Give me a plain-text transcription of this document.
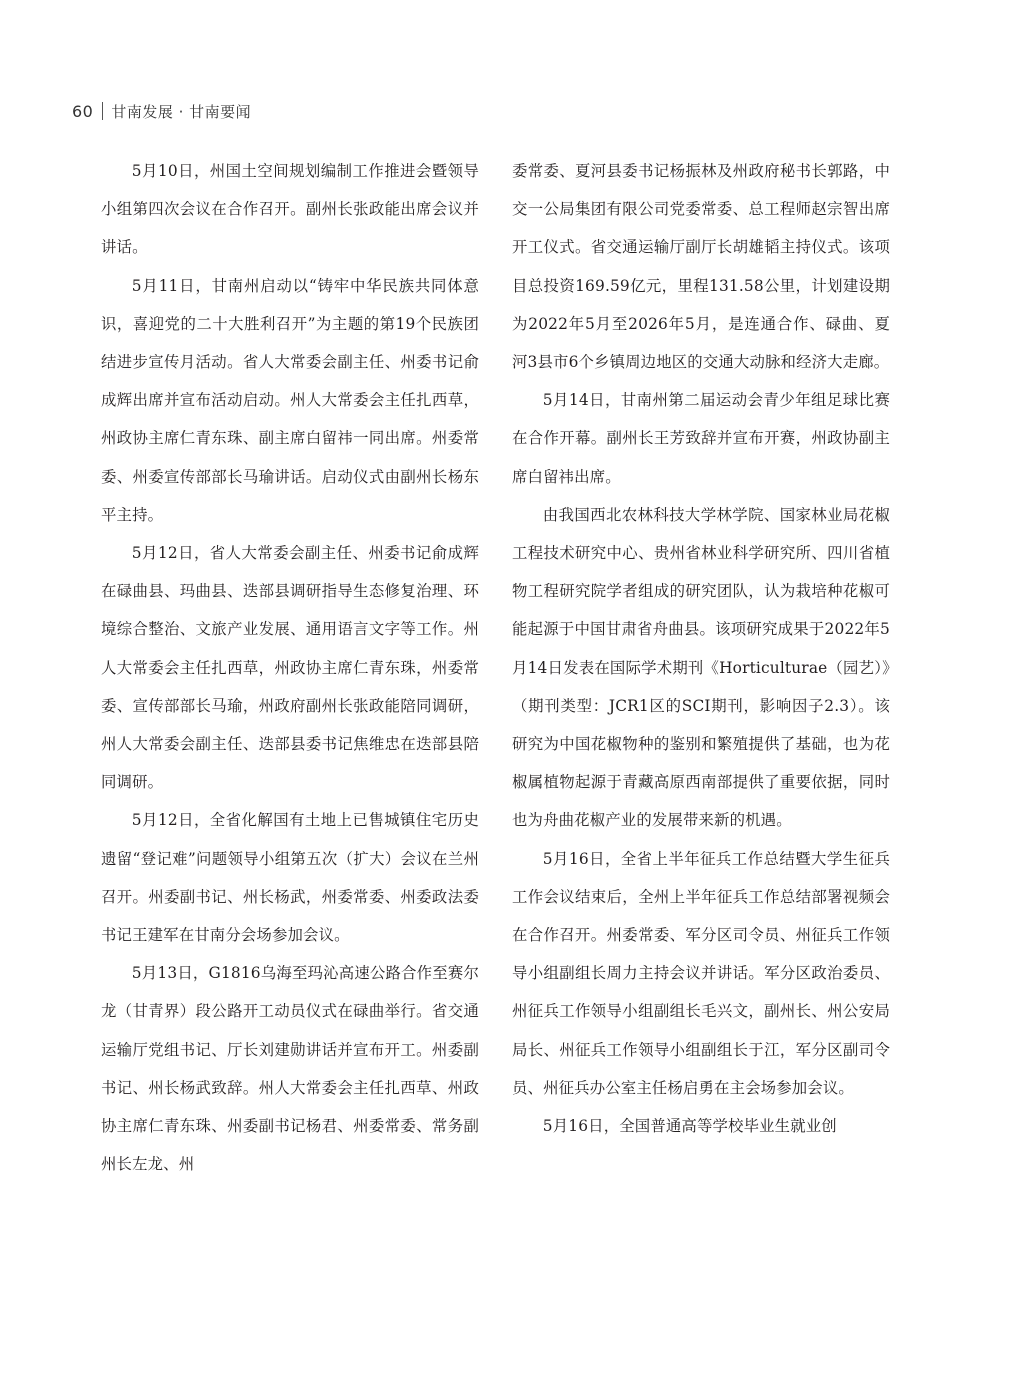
60 甘南发展 · 甘南要闻

5月10日，州国土空间规划编制工作推进会暨领导小组第四次会议在合作召开。副州长张政能出席会议并讲话。

5月11日，甘南州启动以“铸牢中华民族共同体意识，喜迎党的二十大胜利召开”为主题的第19个民族团结进步宣传月活动。省人大常委会副主任、州委书记俞成辉出席并宣布活动启动。州人大常委会主任扎西草，州政协主席仁青东珠、副主席白留祎一同出席。州委常委、州委宣传部部长马瑜讲话。启动仪式由副州长杨东平主持。

5月12日，省人大常委会副主任、州委书记俞成辉在碌曲县、玛曲县、迭部县调研指导生态修复治理、环境综合整治、文旅产业发展、通用语言文字等工作。州人大常委会主任扎西草，州政协主席仁青东珠，州委常委、宣传部部长马瑜，州政府副州长张政能陪同调研，州人大常委会副主任、迭部县委书记焦维忠在迭部县陪同调研。

5月12日，全省化解国有土地上已售城镇住宅历史遗留“登记难”问题领导小组第五次（扩大）会议在兰州召开。州委副书记、州长杨武，州委常委、州委政法委书记王建军在甘南分会场参加会议。

5月13日，G1816乌海至玛沁高速公路合作至赛尔龙（甘青界）段公路开工动员仪式在碌曲举行。省交通运输厅党组书记、厅长刘建勋讲话并宣布开工。州委副书记、州长杨武致辞。州人大常委会主任扎西草、州政协主席仁青东珠、州委副书记杨君、州委常委、常务副州长左龙、州

委常委、夏河县委书记杨振林及州政府秘书长郭路，中交一公局集团有限公司党委常委、总工程师赵宗智出席开工仪式。省交通运输厅副厅长胡雄韬主持仪式。该项目总投资169.59亿元，里程131.58公里，计划建设期为2022年5月至2026年5月，是连通合作、碌曲、夏河3县市6个乡镇周边地区的交通大动脉和经济大走廊。

5月14日，甘南州第二届运动会青少年组足球比赛在合作开幕。副州长王芳致辞并宣布开赛，州政协副主席白留祎出席。

由我国西北农林科技大学林学院、国家林业局花椒工程技术研究中心、贵州省林业科学研究所、四川省植物工程研究院学者组成的研究团队，认为栽培种花椒可能起源于中国甘肃省舟曲县。该项研究成果于2022年5月14日发表在国际学术期刊《Horticulturae（园艺）》（期刊类型：JCR1区的SCI期刊，影响因子2.3）。该研究为中国花椒物种的鉴别和繁殖提供了基础，也为花椒属植物起源于青藏高原西南部提供了重要依据，同时也为舟曲花椒产业的发展带来新的机遇。

5月16日，全省上半年征兵工作总结暨大学生征兵工作会议结束后，全州上半年征兵工作总结部署视频会在合作召开。州委常委、军分区司令员、州征兵工作领导小组副组长周力主持会议并讲话。军分区政治委员、州征兵工作领导小组副组长毛兴文，副州长、州公安局局长、州征兵工作领导小组副组长于江，军分区副司令员、州征兵办公室主任杨启勇在主会场参加会议。

5月16日，全国普通高等学校毕业生就业创
